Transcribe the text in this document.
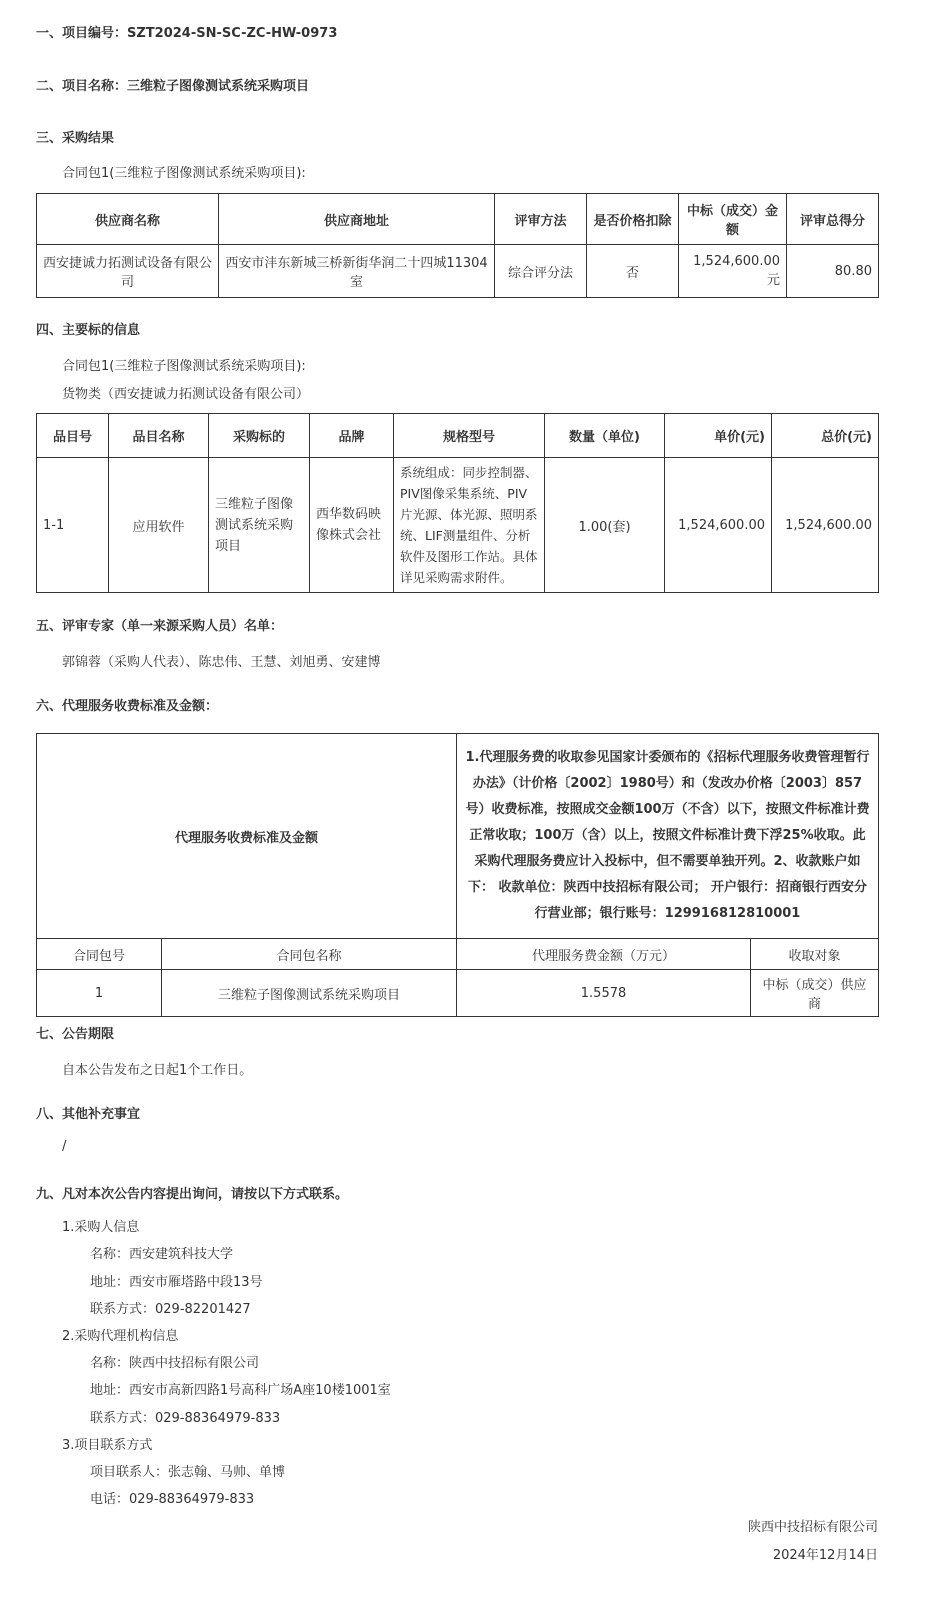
一、项目编号：SZT2024-SN-SC-ZC-HW-0973
二、项目名称：三维粒子图像测试系统采购项目
三、采购结果
合同包1(三维粒子图像测试系统采购项目):
供应商名称	供应商地址	评审方法	是否价格扣除	中标（成交）金额	评审总得分
西安捷诚力拓测试设备有限公司	西安市沣东新城三桥新街华润二十四城11304室	综合评分法	否	1,524,600.00元	80.80
四、主要标的信息
合同包1(三维粒子图像测试系统采购项目):
货物类（西安捷诚力拓测试设备有限公司）
品目号	品目名称	采购标的	品牌	规格型号	数量（单位)	单价(元)	总价(元)
1-1	应用软件	三维粒子图像测试系统采购项目	西华数码映像株式会社	系统组成：同步控制器、PIV图像采集系统、PIV片光源、体光源、照明系统、LIF测量组件、分析软件及图形工作站。具体详见采购需求附件。	1.00(套)	1,524,600.00	1,524,600.00
五、评审专家（单一来源采购人员）名单：
郭锦蓉（采购人代表）、陈忠伟、王慧、刘旭勇、安建博
六、代理服务收费标准及金额：
代理服务收费标准及金额		1.代理服务费的收取参见国家计委颁布的《招标代理服务收费管理暂行办法》（计价格〔2002〕1980号）和（发改办价格〔2003〕857号）收费标准，按照成交金额100万（不含）以下，按照文件标准计费正常收取；100万（含）以上，按照文件标准计费下浮25%收取。此采购代理服务费应计入投标中，但不需要单独开列。2、收款账户如下： 收款单位：陕西中技招标有限公司； 开户银行：招商银行西安分行营业部；银行账号：129916812810001	
合同包号	合同包名称	代理服务费金额（万元）	收取对象
1	三维粒子图像测试系统采购项目	1.5578	中标（成交）供应商
七、公告期限
自本公告发布之日起1个工作日。
八、其他补充事宜
/
九、凡对本次公告内容提出询问，请按以下方式联系。
1.采购人信息
名称：西安建筑科技大学
地址：西安市雁塔路中段13号
联系方式：029-82201427
2.采购代理机构信息
名称：陕西中技招标有限公司
地址：西安市高新四路1号高科广场A座10楼1001室
联系方式：029-88364979-833
3.项目联系方式
项目联系人：张志翰、马帅、单博
电话：029-88364979-833
陕西中技招标有限公司
2024年12月14日
